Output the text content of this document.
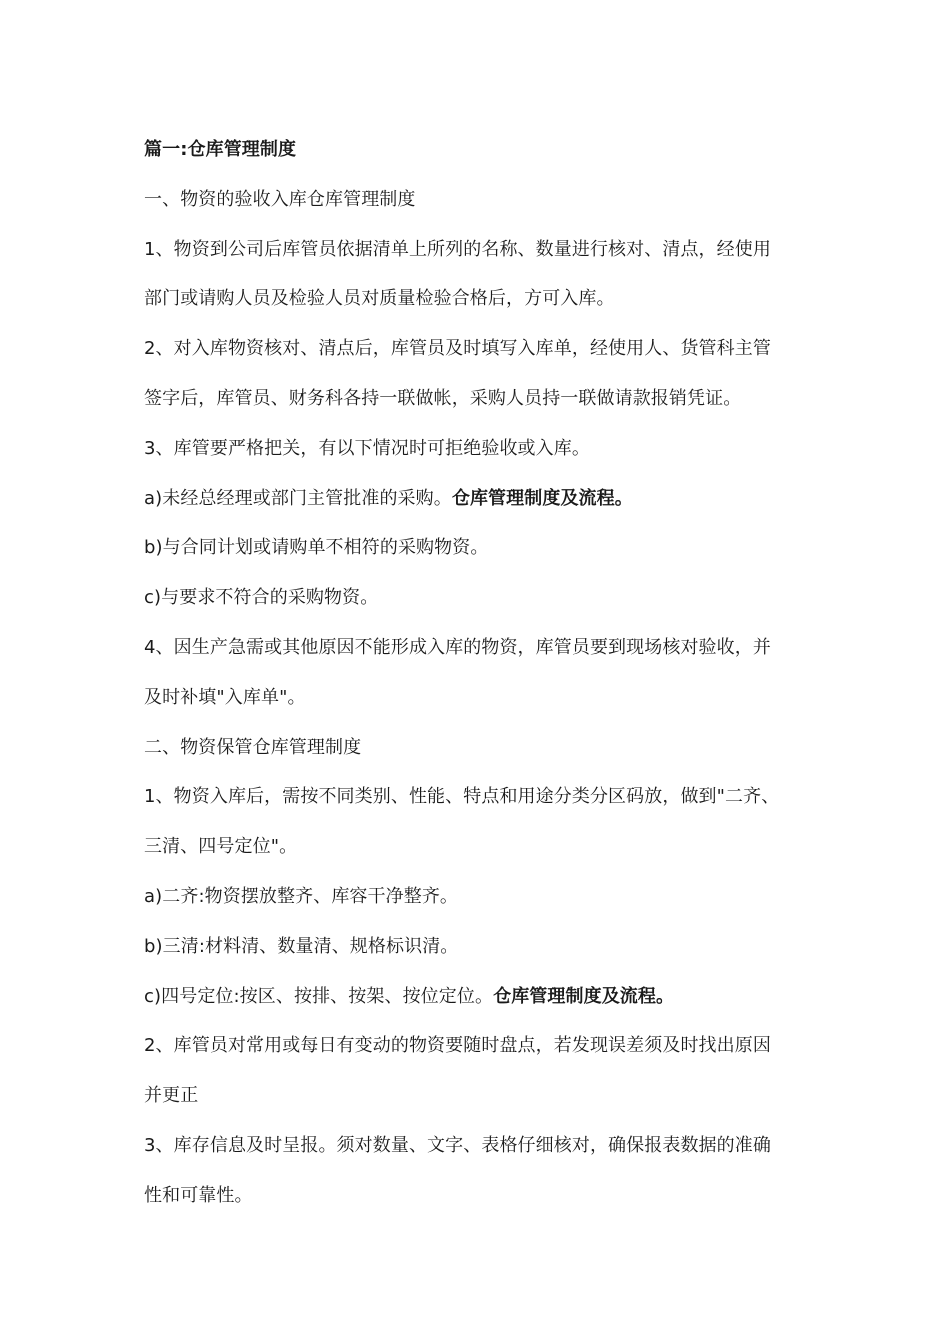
篇一:仓库管理制度
一、物资的验收入库仓库管理制度
1、物资到公司后库管员依据清单上所列的名称、数量进行核对、清点，经使用
部门或请购人员及检验人员对质量检验合格后，方可入库。
2、对入库物资核对、清点后，库管员及时填写入库单，经使用人、货管科主管
签字后，库管员、财务科各持一联做帐，采购人员持一联做请款报销凭证。
3、库管要严格把关，有以下情况时可拒绝验收或入库。
a)未经总经理或部门主管批准的采购。仓库管理制度及流程。
b)与合同计划或请购单不相符的采购物资。
c)与要求不符合的采购物资。
4、因生产急需或其他原因不能形成入库的物资，库管员要到现场核对验收，并
及时补填"入库单"。
二、物资保管仓库管理制度
1、物资入库后，需按不同类别、性能、特点和用途分类分区码放，做到"二齐、
三清、四号定位"。
a)二齐:物资摆放整齐、库容干净整齐。
b)三清:材料清、数量清、规格标识清。
c)四号定位:按区、按排、按架、按位定位。仓库管理制度及流程。
2、库管员对常用或每日有变动的物资要随时盘点，若发现误差须及时找出原因
并更正
3、库存信息及时呈报。须对数量、文字、表格仔细核对，确保报表数据的准确
性和可靠性。
